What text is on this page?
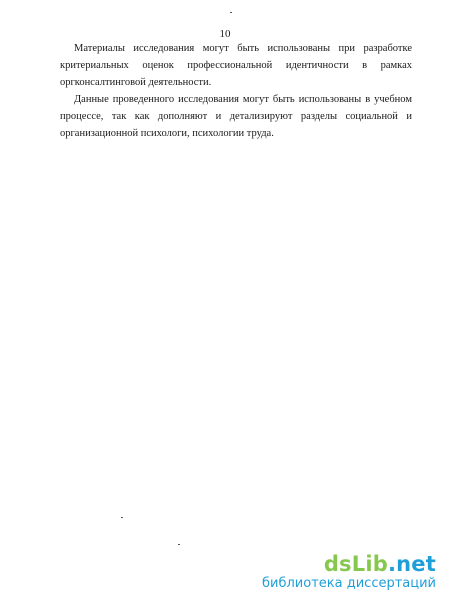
10

Материалы исследования могут быть использованы при разработке критериальных оценок профессиональной идентичности в рамках оргконсалтинговой деятельности.

Данные проведенного исследования могут быть использованы в учебном процессе, так как дополняют и детализируют разделы социальной и организационной психологи, психологии труда.

dsLib.net
библиотека диссертаций
